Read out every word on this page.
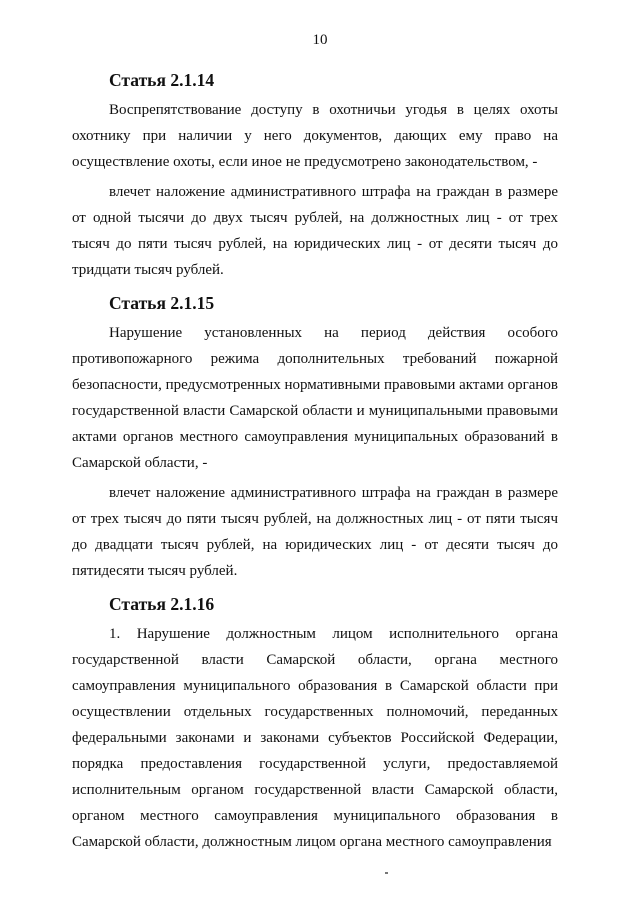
10
Статья 2.1.14

Воспрепятствование доступу в охотничьи угодья в целях охоты охотнику при наличии у него документов, дающих ему право на осуществление охоты, если иное не предусмотрено законодательством, -

влечет наложение административного штрафа на граждан в размере от одной тысячи до двух тысяч рублей, на должностных лиц - от трех тысяч до пяти тысяч рублей, на юридических лиц - от десяти тысяч до тридцати тысяч рублей.

Статья 2.1.15

Нарушение установленных на период действия особого противопожарного режима дополнительных требований пожарной безопасности, предусмотренных нормативными правовыми актами органов государственной власти Самарской области и муниципальными правовыми актами органов местного самоуправления муниципальных образований в Самарской области, -

влечет наложение административного штрафа на граждан в размере от трех тысяч до пяти тысяч рублей, на должностных лиц - от пяти тысяч до двадцати тысяч рублей, на юридических лиц - от десяти тысяч до пятидесяти тысяч рублей.

Статья 2.1.16

1. Нарушение должностным лицом исполнительного органа государственной власти Самарской области, органа местного самоуправления муниципального образования в Самарской области при осуществлении отдельных государственных полномочий, переданных федеральными законами и законами субъектов Российской Федерации, порядка предоставления государственной услуги, предоставляемой исполнительным органом государственной власти Самарской области, органом местного самоуправления муниципального образования в Самарской области, должностным лицом органа местного самоуправления
